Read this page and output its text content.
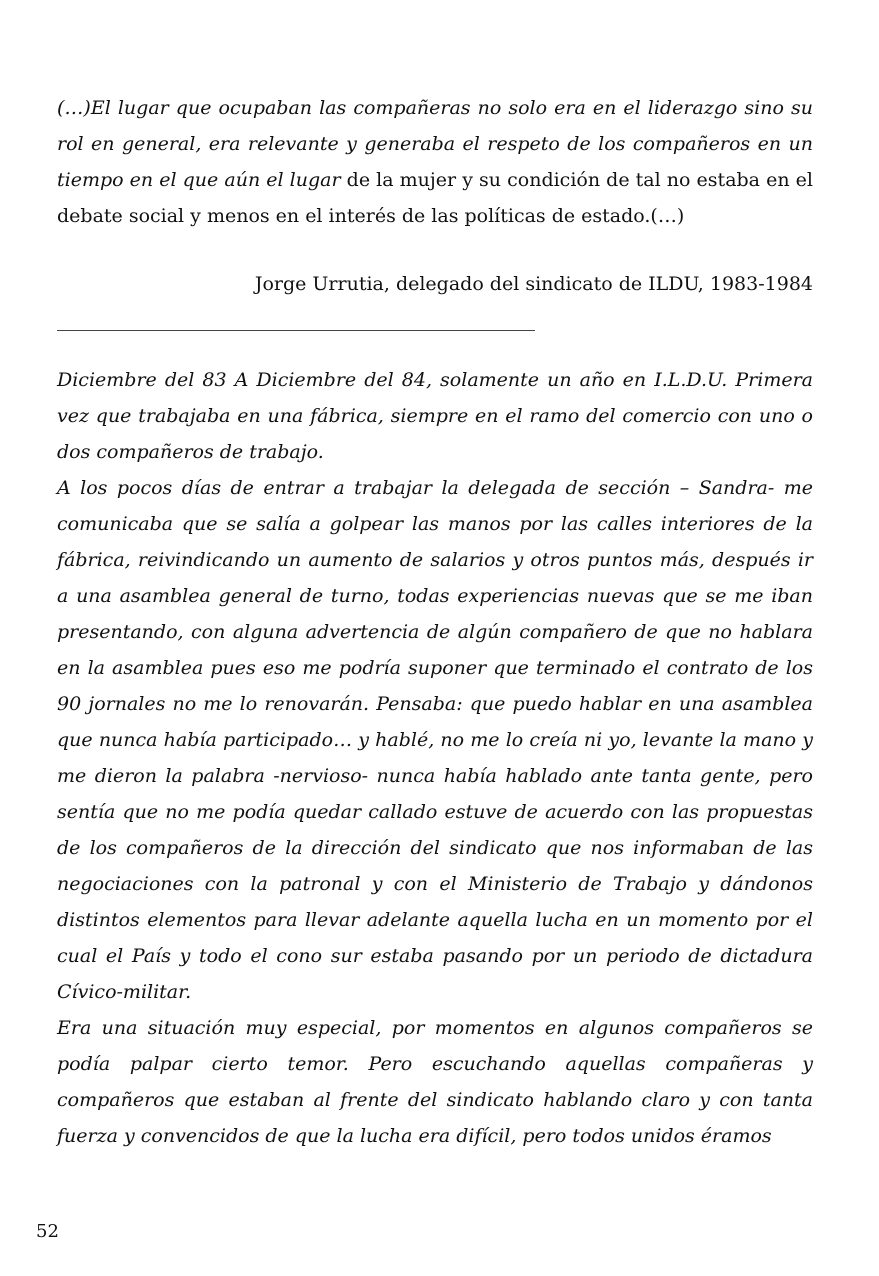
(…)El lugar que ocupaban las compañeras no solo era en el liderazgo sino su rol en general, era relevante y generaba el respeto de los compañeros en un tiempo en el que aún el lugar de la mujer y su condición de tal no estaba en el debate social y menos en el interés de las políticas de estado.(…)

Jorge Urrutia, delegado del sindicato de ILDU, 1983-1984

Diciembre del 83 A Diciembre del 84, solamente un año en I.L.D.U. Primera vez que trabajaba en una fábrica, siempre en el ramo del comercio con uno o dos compañeros de trabajo.

A los pocos días de entrar a trabajar la delegada de sección – Sandra- me comunicaba que se salía a golpear las manos por las calles interiores de la fábrica, reivindicando un aumento de salarios y otros puntos más, después ir a una asamblea general de turno, todas experiencias nuevas que se me iban presentando, con alguna advertencia de algún compañero de que no hablara en la asamblea pues eso me podría suponer que terminado el contrato de los 90 jornales no me lo renovarán. Pensaba: que puedo hablar en una asamblea que nunca había participado… y hablé, no me lo creía ni yo, levante la mano y me dieron la palabra -nervioso- nunca había hablado ante tanta gente, pero sentía que no me podía quedar callado estuve de acuerdo con las propuestas de los compañeros de la dirección del sindicato que nos informaban de las negociaciones con la patronal y con el Ministerio de Trabajo y dándonos distintos elementos para llevar adelante aquella lucha en un momento por el cual el País y todo el cono sur estaba pasando por un periodo de dictadura Cívico-militar.

Era una situación muy especial, por momentos en algunos compañeros se podía palpar cierto temor. Pero escuchando aquellas compañeras y compañeros que estaban al frente del sindicato hablando claro y con tanta fuerza y convencidos de que la lucha era difícil, pero todos unidos éramos

52
